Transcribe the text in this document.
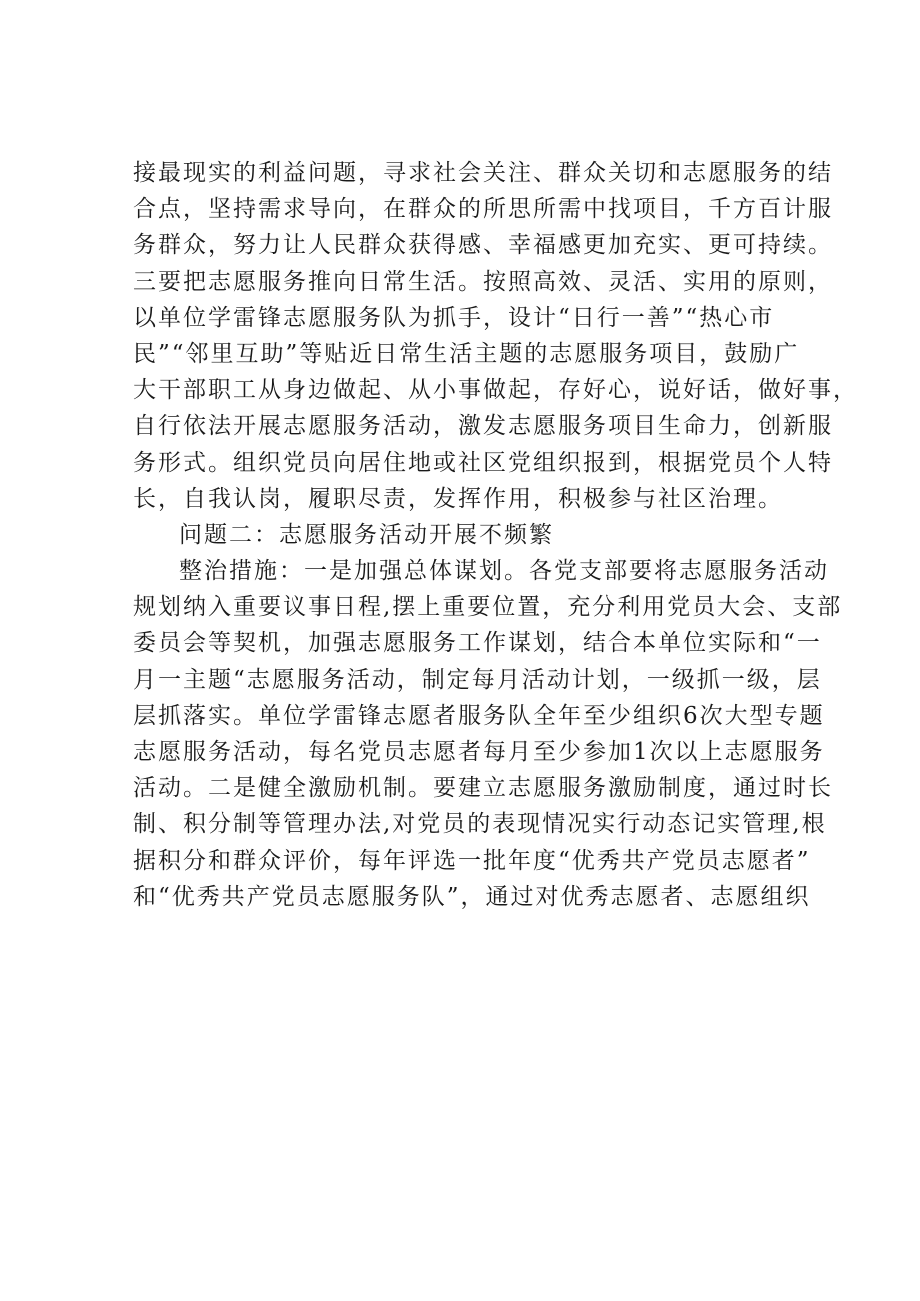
接最现实的利益问题，寻求社会关注、群众关切和志愿服务的结
合点，坚持需求导向，在群众的所思所需中找项目，千方百计服
务群众，努力让人民群众获得感、幸福感更加充实、更可持续。
三要把志愿服务推向日常生活。按照高效、灵活、实用的原则，
以单位学雷锋志愿服务队为抓手，设计“日行一善”“热心市
民”“邻里互助”等贴近日常生活主题的志愿服务项目，鼓励广
大干部职工从身边做起、从小事做起，存好心，说好话，做好事，
自行依法开展志愿服务活动，激发志愿服务项目生命力，创新服
务形式。组织党员向居住地或社区党组织报到，根据党员个人特
长，自我认岗，履职尽责，发挥作用，积极参与社区治理。
问题二：志愿服务活动开展不频繁
整治措施：一是加强总体谋划。各党支部要将志愿服务活动
规划纳入重要议事日程,摆上重要位置，充分利用党员大会、支部
委员会等契机，加强志愿服务工作谋划，结合本单位实际和“一
月一主题“志愿服务活动，制定每月活动计划，一级抓一级，层
层抓落实。单位学雷锋志愿者服务队全年至少组织6次大型专题
志愿服务活动，每名党员志愿者每月至少参加1次以上志愿服务
活动。二是健全激励机制。要建立志愿服务激励制度，通过时长
制、积分制等管理办法,对党员的表现情况实行动态记实管理,根
据积分和群众评价，每年评选一批年度“优秀共产党员志愿者”
和“优秀共产党员志愿服务队”，通过对优秀志愿者、志愿组织
